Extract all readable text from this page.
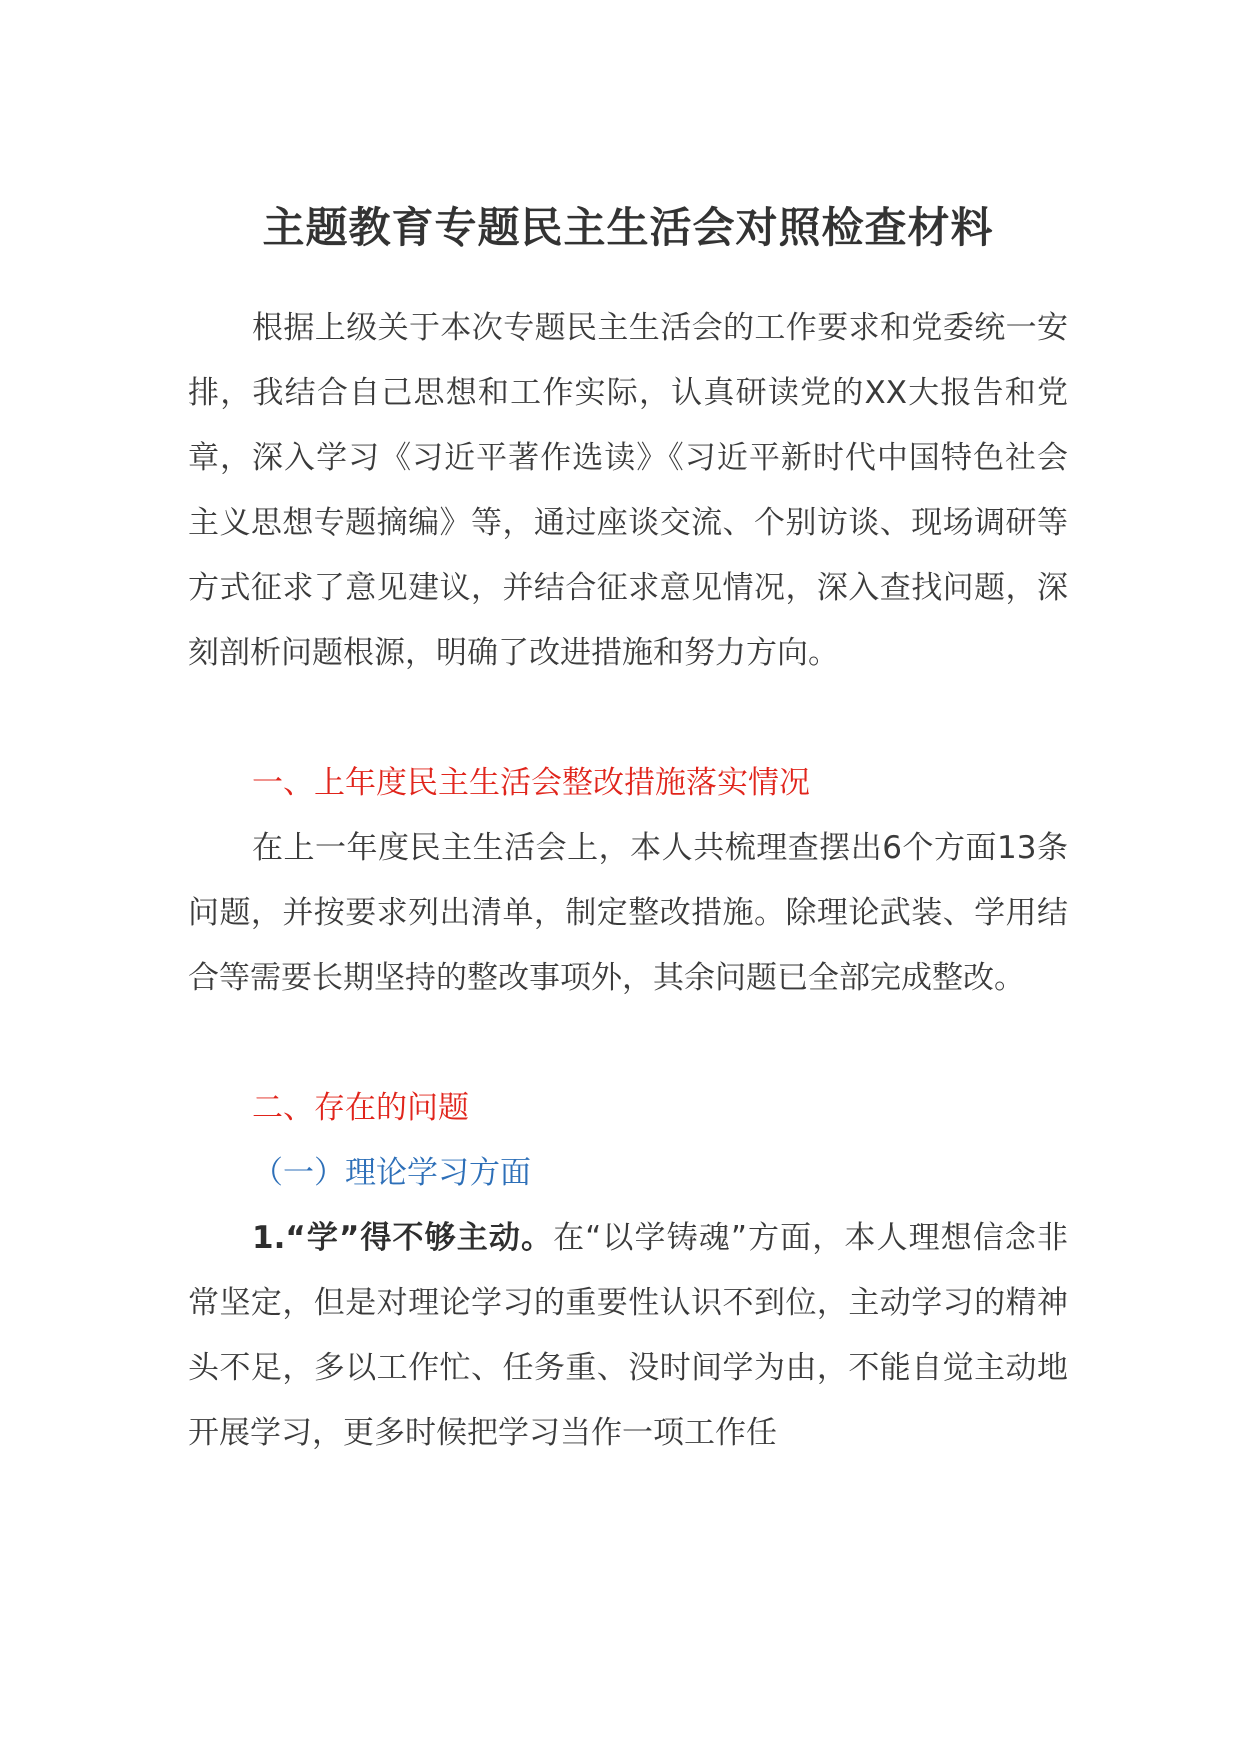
主题教育专题民主生活会对照检查材料

根据上级关于本次专题民主生活会的工作要求和党委统一安排，我结合自己思想和工作实际，认真研读党的XX大报告和党章，深入学习《习近平著作选读》《习近平新时代中国特色社会主义思想专题摘编》等，通过座谈交流、个别访谈、现场调研等方式征求了意见建议，并结合征求意见情况，深入查找问题，深刻剖析问题根源，明确了改进措施和努力方向。

一、上年度民主生活会整改措施落实情况

在上一年度民主生活会上，本人共梳理查摆出6个方面13条问题，并按要求列出清单，制定整改措施。除理论武装、学用结合等需要长期坚持的整改事项外，其余问题已全部完成整改。

二、存在的问题

（一）理论学习方面

1.“学”得不够主动。在“以学铸魂”方面，本人理想信念非常坚定，但是对理论学习的重要性认识不到位，主动学习的精神头不足，多以工作忙、任务重、没时间学为由，不能自觉主动地开展学习，更多时候把学习当作一项工作任
